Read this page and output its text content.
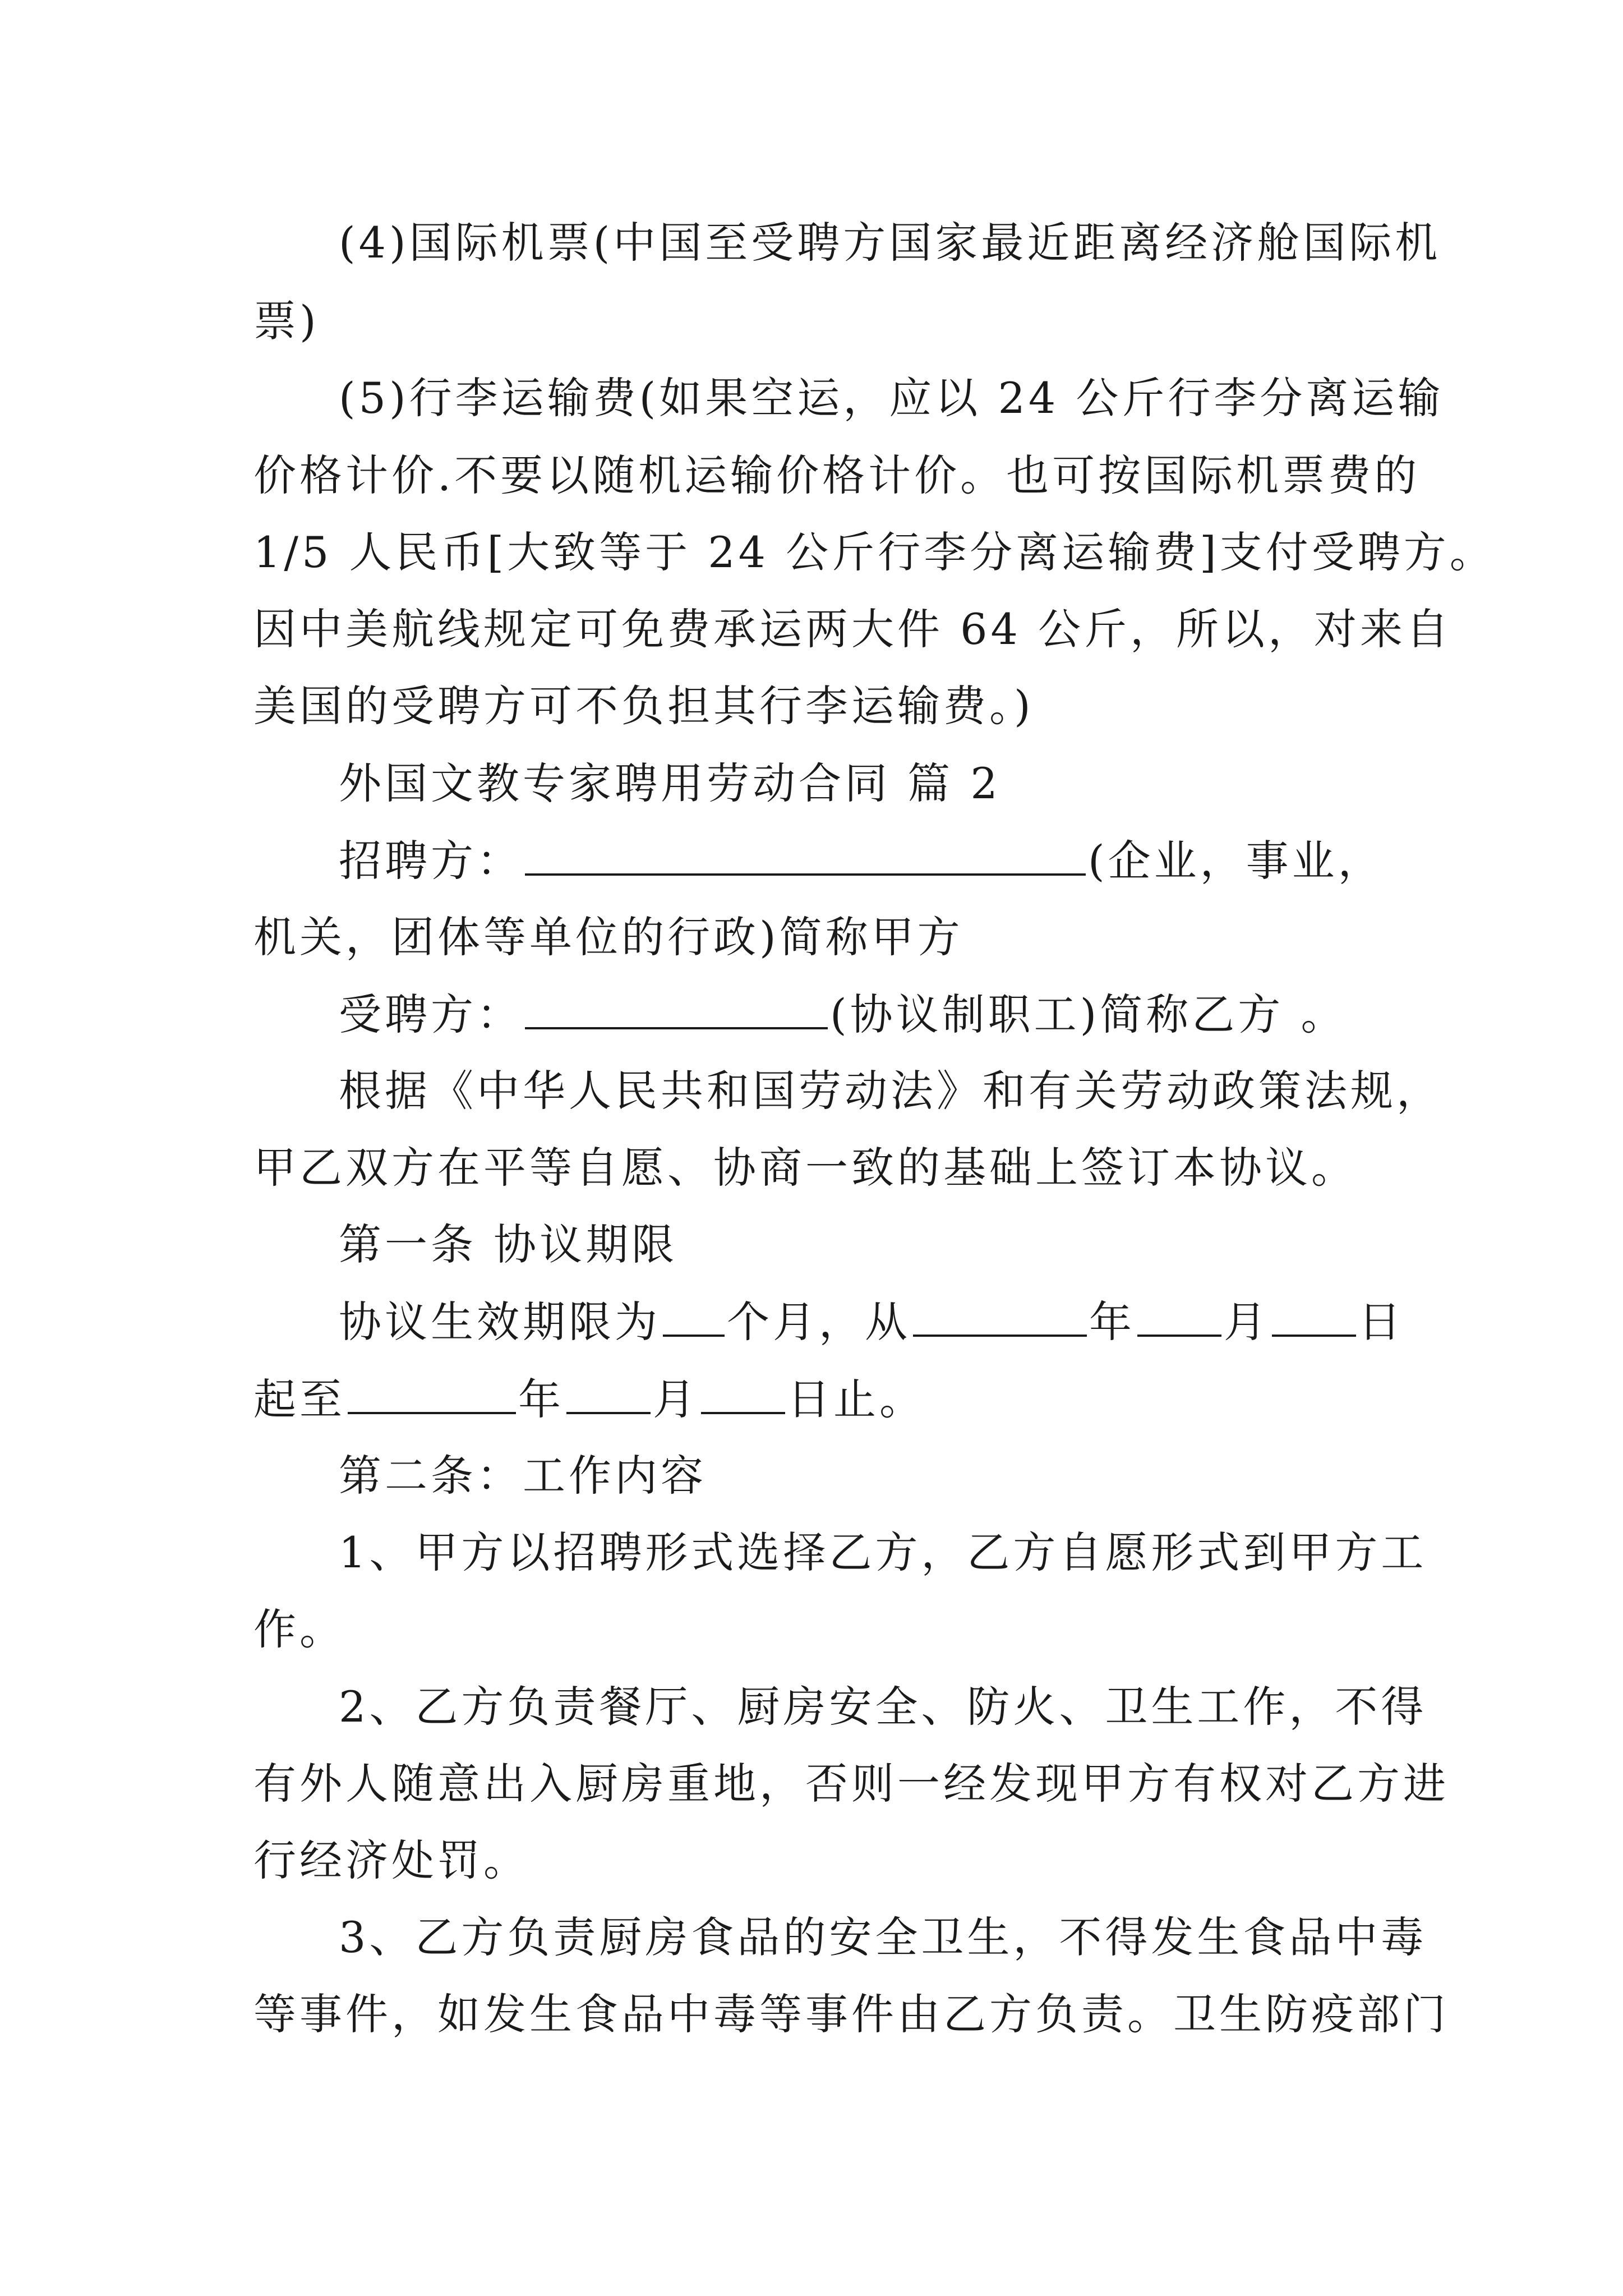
(4)国际机票(中国至受聘方国家最近距离经济舱国际机
票)
(5)行李运输费(如果空运，应以 24 公斤行李分离运输
价格计价.不要以随机运输价格计价。也可按国际机票费的
1/5 人民币[大致等于 24 公斤行李分离运输费]支付受聘方。
因中美航线规定可免费承运两大件 64 公斤，所以，对来自
美国的受聘方可不负担其行李运输费。)
外国文教专家聘用劳动合同 篇 2
招聘方：	(企业，事业，
机关，团体等单位的行政)简称甲方
受聘方：	(协议制职工)简称乙方 。
根据《中华人民共和国劳动法》和有关劳动政策法规，
甲乙双方在平等自愿、协商一致的基础上签订本协议。
第一条 协议期限
协议生效期限为 个月，从	年 月 日
起至	年 月 日止。
第二条：工作内容
1、甲方以招聘形式选择乙方，乙方自愿形式到甲方工
作。
2、乙方负责餐厅、厨房安全、防火、卫生工作，不得
有外人随意出入厨房重地，否则一经发现甲方有权对乙方进
行经济处罚。
3、乙方负责厨房食品的安全卫生，不得发生食品中毒
等事件，如发生食品中毒等事件由乙方负责。卫生防疫部门
